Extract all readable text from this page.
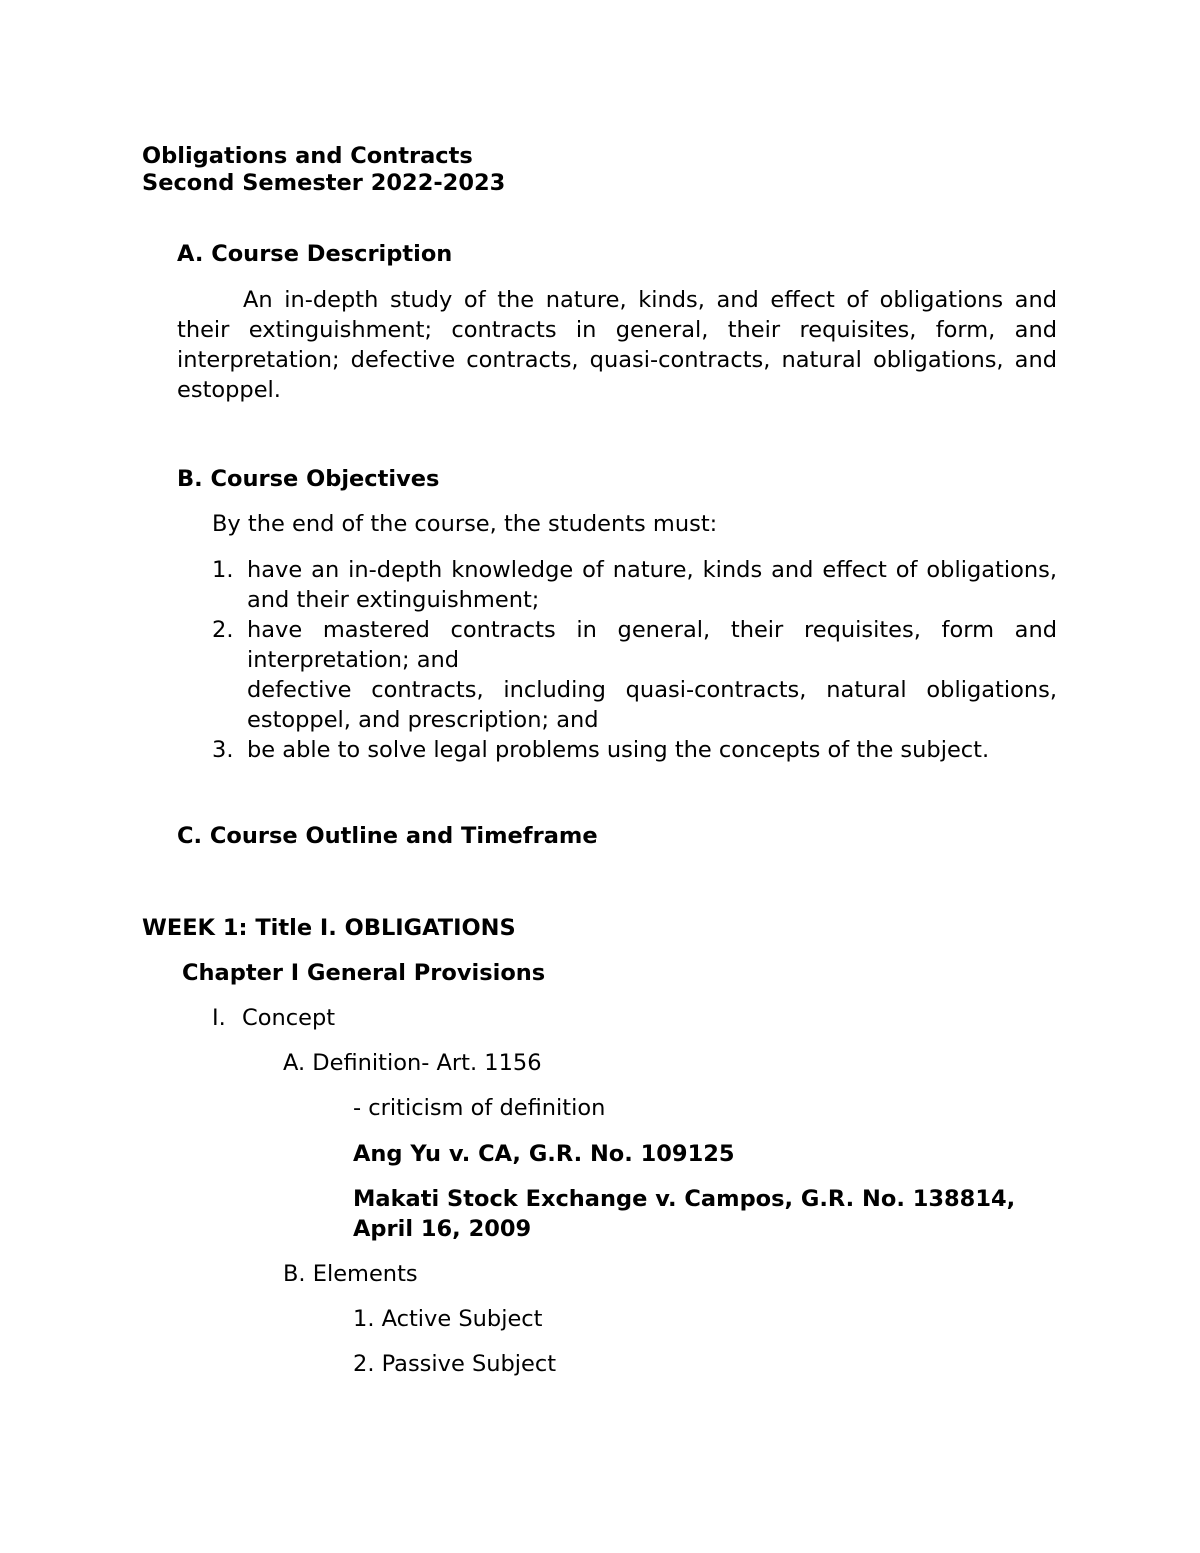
Obligations and Contracts
Second Semester 2022-2023
A. Course Description

An in-depth study of the nature, kinds, and effect of obligations and their extinguishment; contracts in general, their requisites, form, and interpretation; defective contracts, quasi-contracts, natural obligations, and estoppel.

B. Course Objectives
By the end of the course, the students must:
1. have an in-depth knowledge of nature, kinds and effect of obligations, and their extinguishment;
2. have mastered contracts in general, their requisites, form and interpretation; and
defective contracts, including quasi-contracts, natural obligations, estoppel, and prescription; and
3. be able to solve legal problems using the concepts of the subject.
C. Course Outline and Timeframe
WEEK 1: Title I. OBLIGATIONS
Chapter I General Provisions
I. Concept
A. Definition- Art. 1156
- criticism of definition
Ang Yu v. CA, G.R. No. 109125
Makati Stock Exchange v. Campos, G.R. No. 138814,
April 16, 2009
B. Elements
1. Active Subject
2. Passive Subject
